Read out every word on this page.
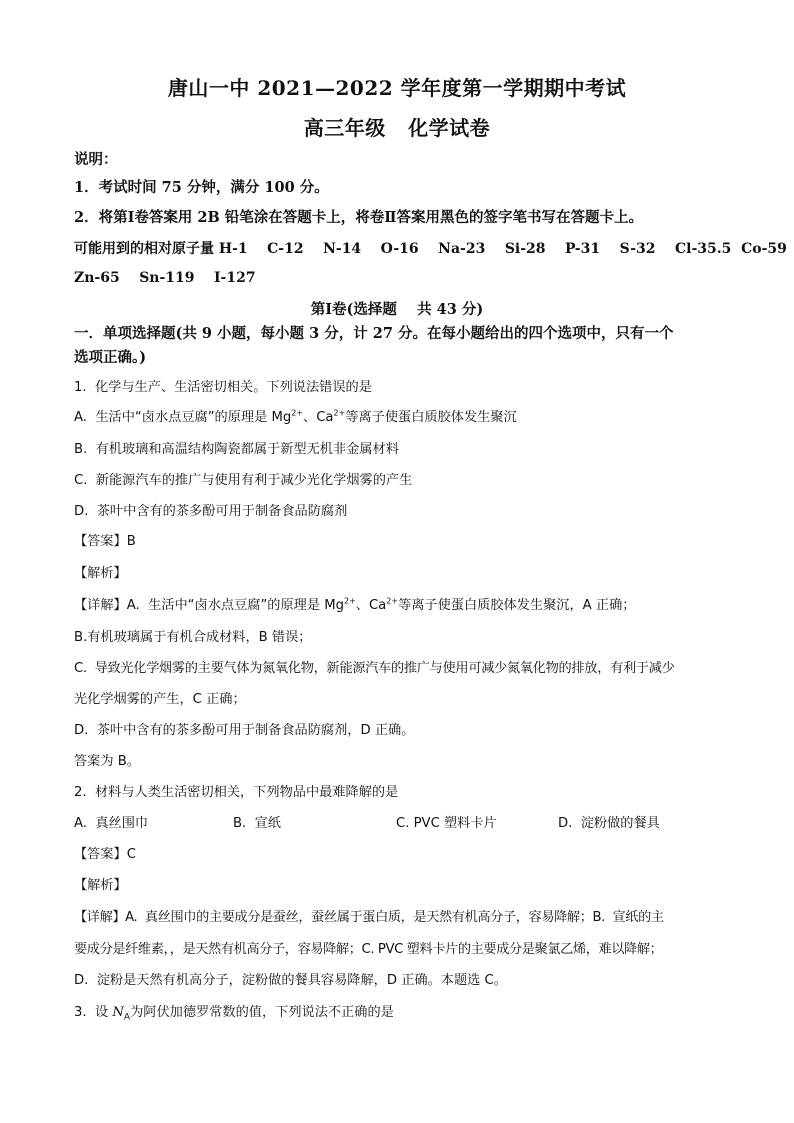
唐山一中 2021—2022 学年度第一学期期中考试
高三年级   化学试卷
说明：
1．考试时间 75 分钟，满分 100 分。
2．将第Ⅰ卷答案用 2B 铅笔涂在答题卡上，将卷Ⅱ答案用黑色的签字笔书写在答题卡上。
可能用到的相对原子量 H-1    C-12    N-14    O-16    Na-23    Si-28    P-31    S-32    Cl-35.5  Co-59
Zn-65    Sn-119    I-127
第Ⅰ卷(选择题    共 43 分)
一．单项选择题(共 9 小题，每小题 3 分，计 27 分。在每小题给出的四个选项中，只有一个
选项正确。)
1.  化学与生产、生活密切相关。下列说法错误的是
A.  生活中“卤水点豆腐”的原理是 $Mg^{2+}$、$Ca^{2+}$等离子使蛋白质胶体发生聚沉
B.  有机玻璃和高温结构陶瓷都属于新型无机非金属材料
C.  新能源汽车的推广与使用有利于减少光化学烟雾的产生
D.  茶叶中含有的茶多酚可用于制备食品防腐剂
【答案】B
【解析】
【详解】A.  生活中“卤水点豆腐”的原理是 $Mg^{2+}$、$Ca^{2+}$等离子使蛋白质胶体发生聚沉，A 正确；
B.有机玻璃属于有机合成材料，B 错误；
C.  导致光化学烟雾的主要气体为氮氧化物，新能源汽车的推广与使用可减少氮氧化物的排放，有利于减少
光化学烟雾的产生，C 正确；
D.  茶叶中含有的茶多酚可用于制备食品防腐剂，D 正确。
答案为 B。
2.  材料与人类生活密切相关，下列物品中最难降解的是
A.  真丝围巾	B.  宣纸	C. PVC 塑料卡片	D.  淀粉做的餐具
【答案】C
【解析】
【详解】A.  真丝围巾的主要成分是蚕丝，蚕丝属于蛋白质，是天然有机高分子，容易降解；B.  宣纸的主
要成分是纤维素，，是天然有机高分子，容易降解；C. PVC 塑料卡片的主要成分是聚氯乙烯，难以降解；
D.  淀粉是天然有机高分子，淀粉做的餐具容易降解，D 正确。本题选 C。
3.  设 $N_A$为阿伏加德罗常数的值，下列说法不正确的是
